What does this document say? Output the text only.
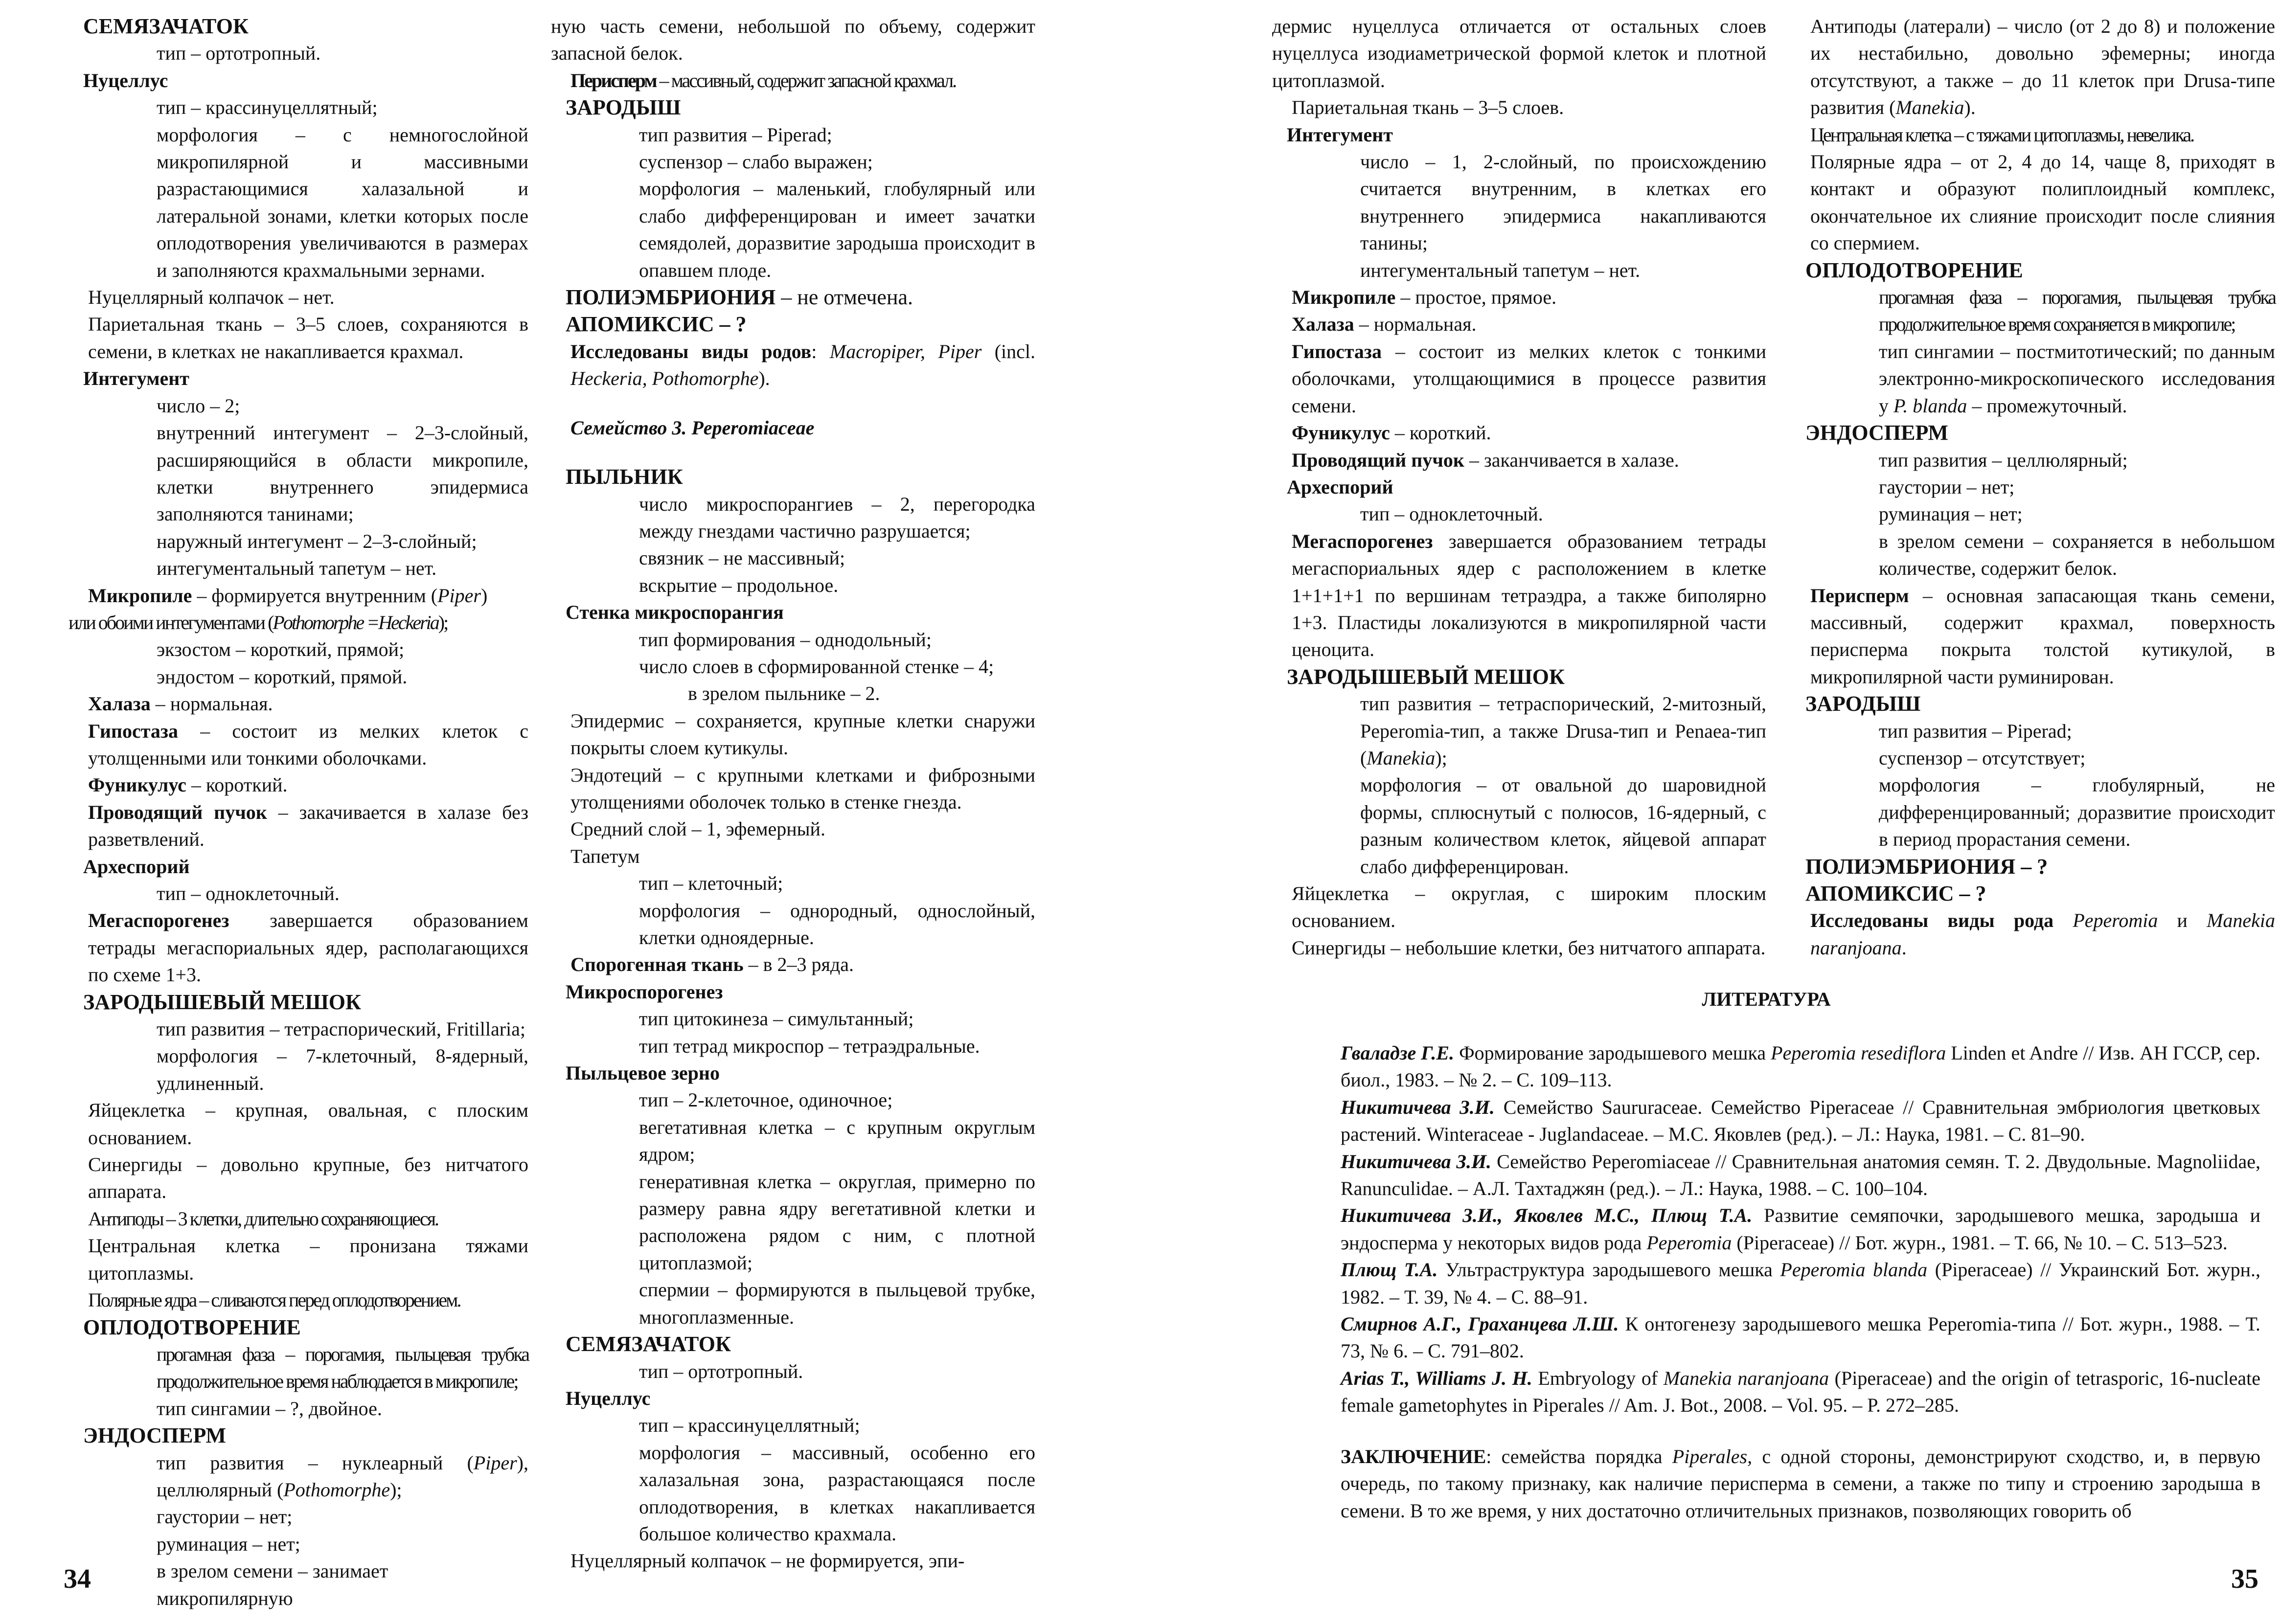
СЕМЯЗАЧАТОК

тип – ортотропный.

Нуцеллус

тип – крассинуцеллятный;

морфология – с немногослойной микропилярной и массивными разрастающимися халазальной и латеральной зонами, клетки которых после оплодотворения увеличиваются в размерах и заполняются крахмальными зернами.

Нуцеллярный колпачок – нет.

Париетальная ткань – 3–5 слоев, сохраняются в семени, в клетках не накапливается крахмал.

Интегумент

число – 2;

внутренний интегумент – 2–3-слойный, расширяющийся в области микропиле, клетки внутреннего эпидермиса заполняются танинами;

наружный интегумент – 2–3-слойный;

интегументальный тапетум – нет.

Микропиле – формируется внутренним (Piper)

или обоими интегументами (Pothomorphe =Heckeria);

экзостом – короткий, прямой;

эндостом – короткий, прямой.

Халаза – нормальная.

Гипостаза – состоит из мелких клеток с утолщенными или тонкими оболочками.

Фуникулус – короткий.

Проводящий пучок – закачивается в халазе без разветвлений.

Археспорий

тип – одноклеточный.

Мегаспорогенез завершается образованием тетрады мегаспориальных ядер, располагающихся по схеме 1+3.

ЗАРОДЫШЕВЫЙ МЕШОК

тип развития – тетраспорический, Fritillaria;

морфология – 7-клеточный, 8-ядерный, удлиненный.

Яйцеклетка – крупная, овальная, с плоским основанием.

Синергиды – довольно крупные, без нитчатого аппарата.

Антиподы – 3 клетки, длительно сохраняющиеся.

Центральная клетка – пронизана тяжами цитоплазмы.

Полярные ядра – сливаются перед оплодотворением.

ОПЛОДОТВОРЕНИЕ

прогамная фаза – порогамия, пыльцевая трубка продолжительное время наблюдается в микропиле;

тип сингамии – ?, двойное.

ЭНДОСПЕРМ

тип развития – нуклеарный (Piper), целлюлярный (Pothomorphe);

гаустории – нет;

руминация – нет;

в зрелом семени – занимает микропилярную

ную часть семени, небольшой по объему, содержит запасной белок.

Перисперм – массивный, содержит запасной крахмал.

ЗАРОДЫШ

тип развития – Piperad;

суспензор – слабо выражен;

морфология – маленький, глобулярный или слабо дифференцирован и имеет зачатки семядолей, доразвитие зародыша происходит в опавшем плоде.

ПОЛИЭМБРИОНИЯ – не отмечена.

АПОМИКСИС – ?

Исследованы виды родов: Macropiper, Piper (incl. Heckeria, Pothomorphe).

Семейство 3. Peperomiaceae

ПЫЛЬНИК

число микроспорангиев – 2, перегородка между гнездами частично разрушается;

связник – не массивный;

вскрытие – продольное.

Стенка микроспорангия

тип формирования – однодольный;

число слоев в сформированной стенке – 4;

в зрелом пыльнике – 2.

Эпидермис – сохраняется, крупные клетки снаружи покрыты слоем кутикулы.

Эндотеций – с крупными клетками и фиброзными утолщениями оболочек только в стенке гнезда.

Средний слой – 1, эфемерный.

Тапетум

тип – клеточный;

морфология – однородный, однослойный, клетки одноядерные.

Спорогенная ткань – в 2–3 ряда.

Микроспорогенез

тип цитокинеза – симультанный;

тип тетрад микроспор – тетраэдральные.

Пыльцевое зерно

тип – 2-клеточное, одиночное;

вегетативная клетка – с крупным округлым ядром;

генеративная клетка – округлая, примерно по размеру равна ядру вегетативной клетки и расположена рядом с ним, с плотной цитоплазмой;

спермии – формируются в пыльцевой трубке, многоплазменные.

СЕМЯЗАЧАТОК

тип – ортотропный.

Нуцеллус

тип – крассинуцеллятный;

морфология – массивный, особенно его халазальная зона, разрастающаяся после оплодотворения, в клетках накапливается большое количество крахмала.

Нуцеллярный колпачок – не формируется, эпи-

34

дермис нуцеллуса отличается от остальных слоев нуцеллуса изодиаметрической формой клеток и плотной цитоплазмой.

Париетальная ткань – 3–5 слоев.

Интегумент

число – 1, 2-слойный, по происхождению считается внутренним, в клетках его внутреннего эпидермиса накапливаются танины;

интегументальный тапетум – нет.

Микропиле – простое, прямое.

Халаза – нормальная.

Гипостаза – состоит из мелких клеток с тонкими оболочками, утолщающимися в процессе развития семени.

Фуникулус – короткий.

Проводящий пучок – заканчивается в халазе.

Археспорий

тип – одноклеточный.

Мегаспорогенез завершается образованием тетрады мегаспориальных ядер с расположением в клетке 1+1+1+1 по вершинам тетраэдра, а также биполярно 1+3. Пластиды локализуются в микропилярной части ценоцита.

ЗАРОДЫШЕВЫЙ МЕШОК

тип развития – тетраспорический, 2-митозный, Peperomia-тип, а также Drusa-тип и Penaea-тип (Manekia);

морфология – от овальной до шаровидной формы, сплюснутый с полюсов, 16-ядерный, с разным количеством клеток, яйцевой аппарат слабо дифференцирован.

Яйцеклетка – округлая, с широким плоским основанием.

Синергиды – небольшие клетки, без нитчатого аппарата.

Антиподы (латерали) – число (от 2 до 8) и положение их нестабильно, довольно эфемерны; иногда отсутствуют, а также – до 11 клеток при Drusa-типе развития (Manekia).

Центральная клетка – с тяжами цитоплазмы, невелика.

Полярные ядра – от 2, 4 до 14, чаще 8, приходят в контакт и образуют полиплоидный комплекс, окончательное их слияние происходит после слияния со спермием.

ОПЛОДОТВОРЕНИЕ

прогамная фаза – порогамия, пыльцевая трубка продолжительное время сохраняется в микропиле;

тип сингамии – постмитотический; по данным электронно-микроскопического исследования у P. blanda – промежуточный.

ЭНДОСПЕРМ

тип развития – целлюлярный;

гаустории – нет;

руминация – нет;

в зрелом семени – сохраняется в небольшом количестве, содержит белок.

Перисперм – основная запасающая ткань семени, массивный, содержит крахмал, поверхность перисперма покрыта толстой кутикулой, в микропилярной части руминирован.

ЗАРОДЫШ

тип развития – Piperad;

суспензор – отсутствует;

морфология – глобулярный, не дифференцированный; доразвитие происходит в период прорастания семени.

ПОЛИЭМБРИОНИЯ – ?

АПОМИКСИС – ?

Исследованы виды рода Peperomia и Manekia naranjoana.

ЛИТЕРАТУРА

Гвaладзе Г.Е. Формирование зародышевого мешка Peperomia resediflora Linden et Andre // Изв. АН ГССР, сер. биол., 1983. – № 2. – С. 109–113.

Никитичева З.И. Семейство Saururaceae. Семейство Piperaceae // Сравнительная эмбриология цветковых растений. Winteraceae - Juglandaceae. – М.С. Яковлев (ред.). – Л.: Наука, 1981. – С. 81–90.

Никитичева З.И. Семейство Peperomiaceae // Сравнительная анатомия семян. Т. 2. Двудольные. Magnoliidae, Ranunculidae. – А.Л. Тахтаджян (ред.). – Л.: Наука, 1988. – С. 100–104.

Никитичева З.И., Яковлев М.С., Плющ Т.А. Развитие семяпочки, зародышевого мешка, зародыша и эндосперма у некоторых видов рода Peperomia (Piperaceae) // Бот. журн., 1981. – Т. 66, № 10. – С. 513–523.

Плющ Т.А. Ультраструктура зародышевого мешка Peperomia blanda (Piperaceae) // Украинский Бот. журн., 1982. – Т. 39, № 4. – С. 88–91.

Смирнов А.Г., Граханцева Л.Ш. К онтогенезу зародышевого мешка Peperomia-типа // Бот. журн., 1988. – Т. 73, № 6. – С. 791–802.

Arias T., Williams J. H. Embryology of Manekia naranjoana (Piperaceae) and the origin of tetrasporic, 16-nucleate female gametophytes in Piperales // Am. J. Bot., 2008. – Vol. 95. – P. 272–285.

ЗАКЛЮЧЕНИЕ: семейства порядка Piperales, с одной стороны, демонстрируют сходство, и, в первую очередь, по такому признаку, как наличие перисперма в семени, а также по типу и строению зародыша в семени. В то же время, у них достаточно отличительных признаков, позволяющих говорить об

35
